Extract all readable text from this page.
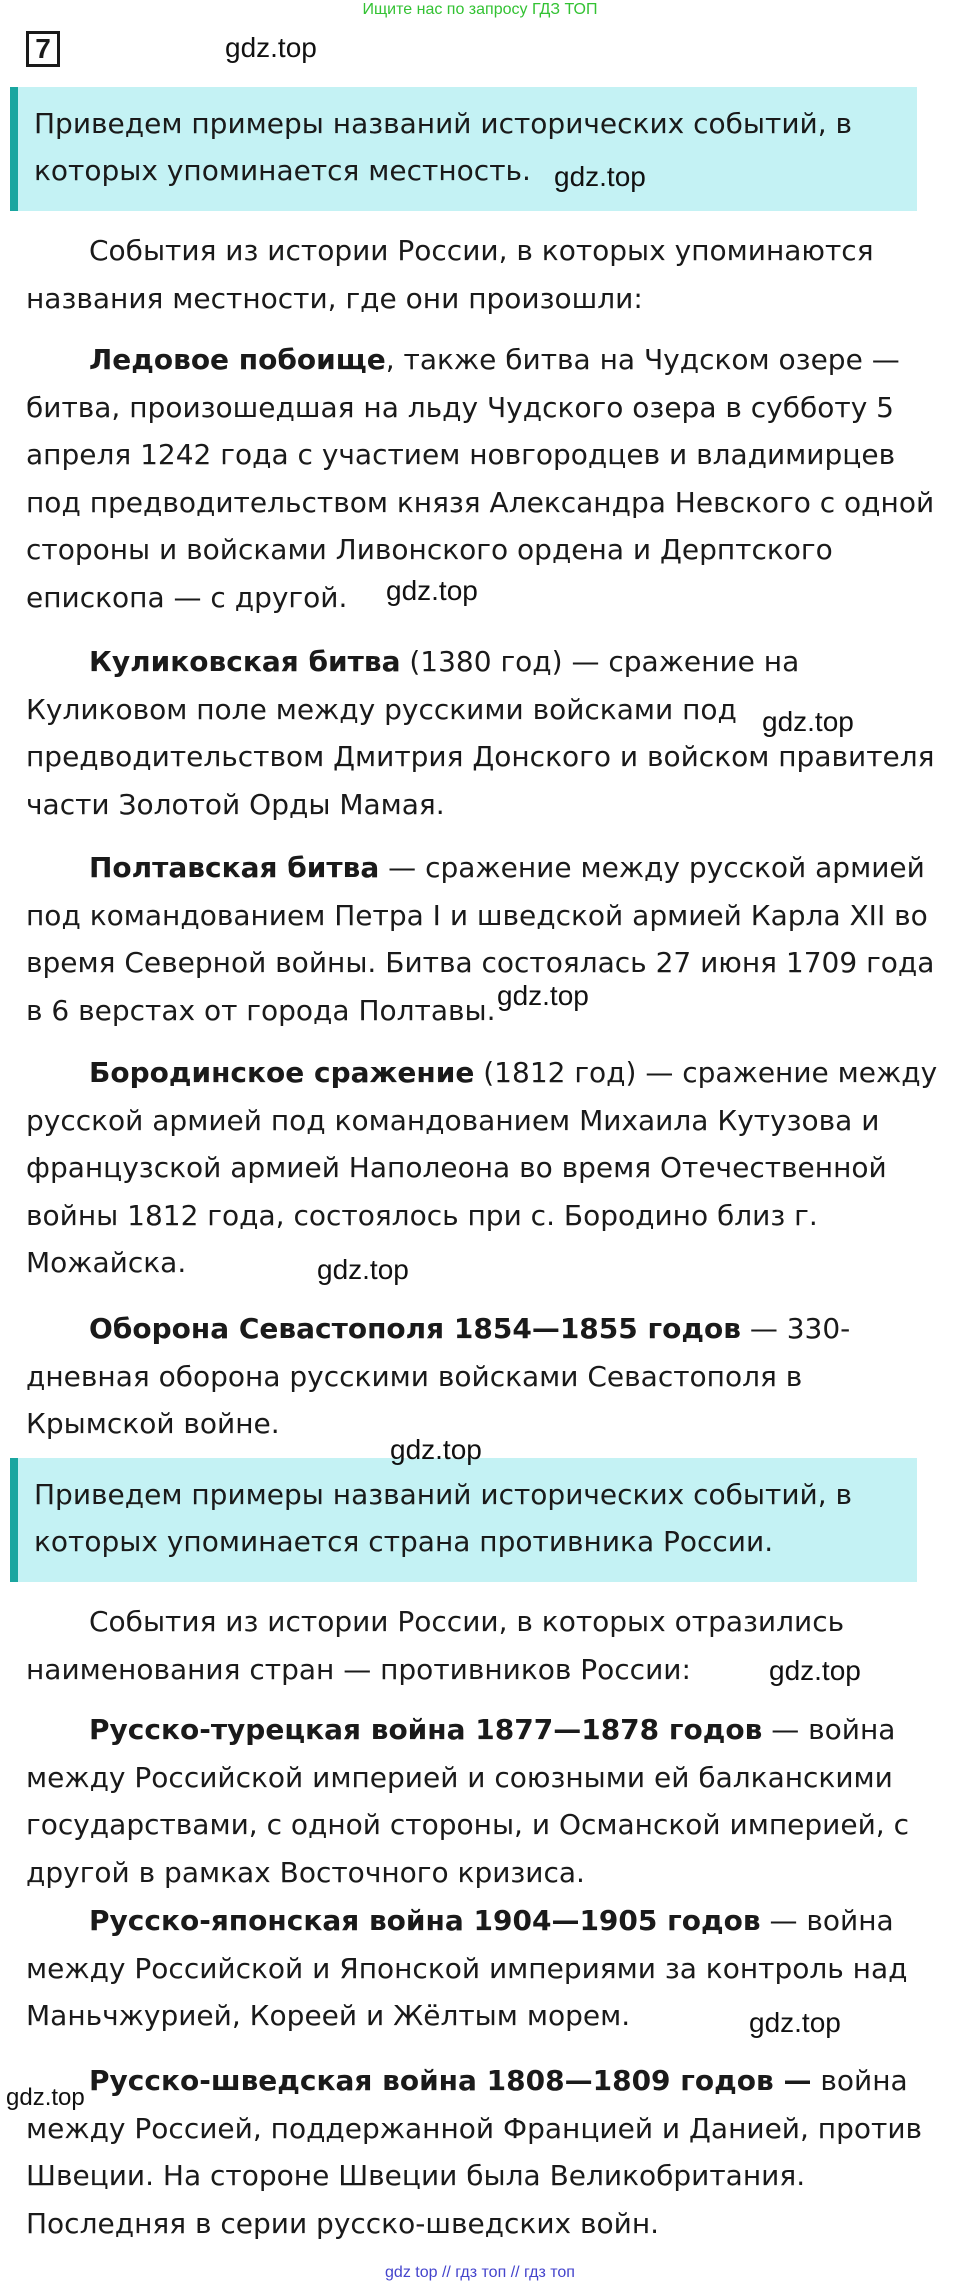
Ищите нас по запросу ГДЗ ТОП
7
Приведем примеры названий исторических событий, в которых упоминается местность.
События из истории России, в которых упоминаются названия местности, где они произошли:
Ледовое побоище, также битва на Чудском озере — битва, произошедшая на льду Чудского озера в субботу 5 апреля 1242 года с участием новгородцев и владимирцев под предводительством князя Александра Невского с одной стороны и войсками Ливонского ордена и Дерптского епископа — с другой.
Куликовская битва (1380 год) — сражение на Куликовом поле между русскими войсками под предводительством Дмитрия Донского и войском правителя части Золотой Орды Мамая.
Полтавская битва — сражение между русской армией под командованием Петра I и шведской армией Карла XII во время Северной войны. Битва состоялась 27 июня 1709 года в 6 верстах от города Полтавы.
Бородинское сражение (1812 год) — сражение между русской армией под командованием Михаила Кутузова и французской армией Наполеона во время Отечественной войны 1812 года, состоялось при с. Бородино близ г. Можайска.
Оборона Севастополя 1854—1855 годов — 330-дневная оборона русскими войсками Севастополя в Крымской войне.
Приведем примеры названий исторических событий, в которых упоминается страна противника России.
События из истории России, в которых отразились наименования стран — противников России:
Русско-турецкая война 1877—1878 годов — война между Российской империей и союзными ей балканскими государствами, с одной стороны, и Османской империей, с другой в рамках Восточного кризиса.
Русско-японская война 1904—1905 годов — война между Российской и Японской империями за контроль над Маньчжурией, Кореей и Жёлтым морем.
Русско-шведская война 1808—1809 годов — война между Россией, поддержанной Францией и Данией, против Швеции. На стороне Швеции была Великобритания. Последняя в серии русско-шведских войн.
gdz.top
gdz.top
gdz.top
gdz.top
gdz.top
gdz.top
gdz.top
gdz.top
gdz.top
gdz.top
gdz top // гдз топ // гдз топ
